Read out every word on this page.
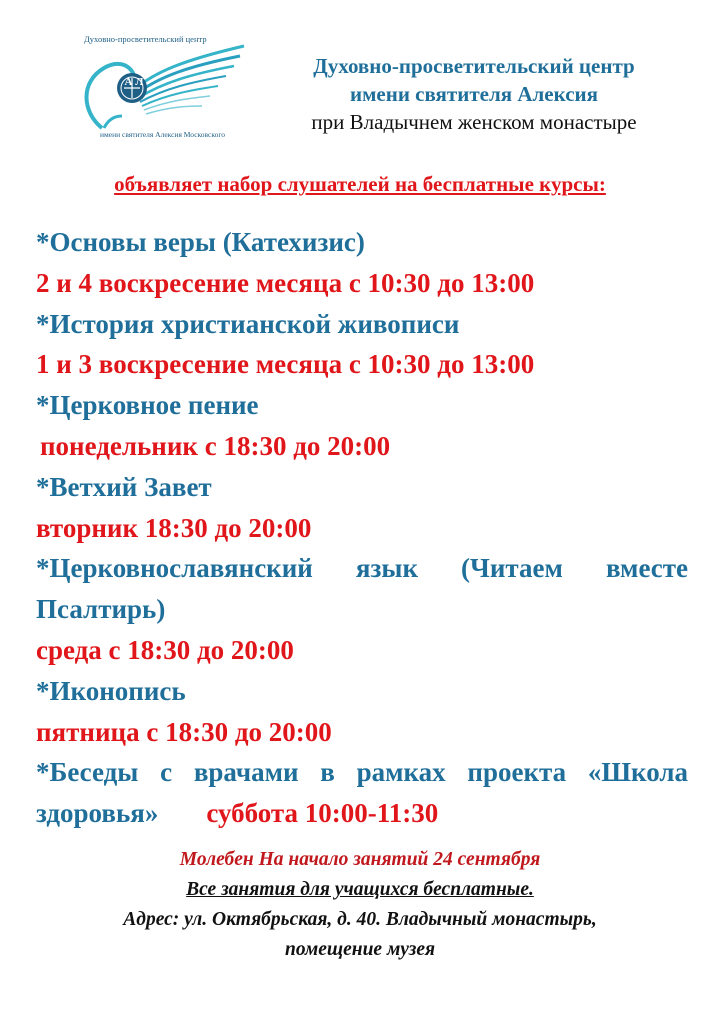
Духовно-просветительский центр
А Л
имени святителя Алексия Московского
Духовно-просветительский центр
имени святителя Алексия
при Владычнем женском монастыре
объявляет набор слушателей на бесплатные курсы:
*Основы веры (Катехизис)
2 и 4 воскресение месяца с 10:30 до 13:00
*История христианской живописи
1 и 3 воскресение месяца с 10:30 до 13:00
*Церковное пение
понедельник с 18:30 до 20:00
*Ветхий Завет
вторник 18:30 до 20:00
*Церковнославянский язык (Читаем вместе
Псалтирь)
среда с 18:30 до 20:00
*Иконопись
пятница с 18:30 до 20:00
*Беседы с врачами в рамках проекта «Школа
здоровья» суббота 10:00-11:30
Молебен На начало занятий 24 сентября
Все занятия для учащихся бесплатные.
Адрес: ул. Октябрьская, д. 40. Владычный монастырь,
помещение музея
